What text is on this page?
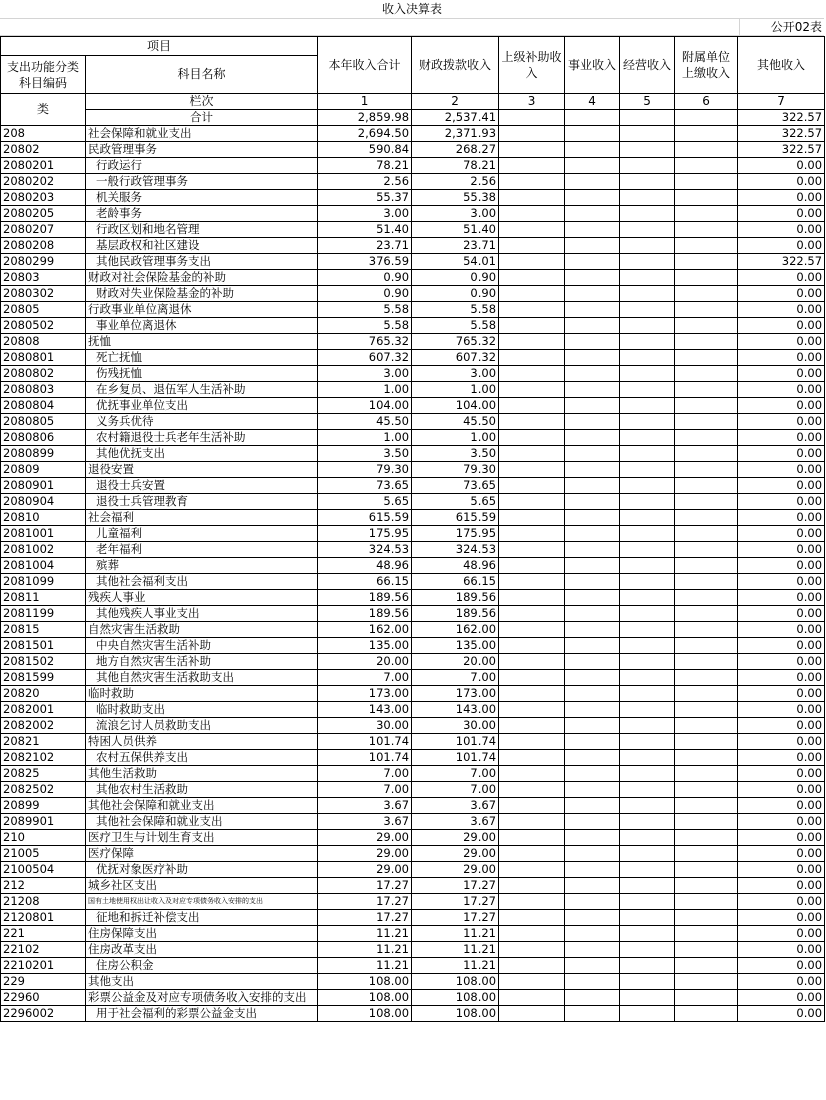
收入决算表
公开02表
项目		本年收入合计	财政拨款收入	上级补助收入	事业收入	经营收入	附属单位上缴收入	其他收入	
支出功能分类科目编码	科目名称								

类	栏次	1	2	3	4	5	6	7	
	合计	2,859.98	2,537.41					322.57	
208	社会保障和就业支出	2,694.50	2,371.93					322.57	
20802	民政管理事务	590.84	268.27					322.57	
2080201	行政运行	78.21	78.21					0.00	
2080202	一般行政管理事务	2.56	2.56					0.00	
2080203	机关服务	55.37	55.38					0.00	
2080205	老龄事务	3.00	3.00					0.00	
2080207	行政区划和地名管理	51.40	51.40					0.00	
2080208	基层政权和社区建设	23.71	23.71					0.00	
2080299	其他民政管理事务支出	376.59	54.01					322.57	
20803	财政对社会保险基金的补助	0.90	0.90					0.00	
2080302	财政对失业保险基金的补助	0.90	0.90					0.00	
20805	行政事业单位离退休	5.58	5.58					0.00	
2080502	事业单位离退休	5.58	5.58					0.00	
20808	抚恤	765.32	765.32					0.00	
2080801	死亡抚恤	607.32	607.32					0.00	
2080802	伤残抚恤	3.00	3.00					0.00	
2080803	在乡复员、退伍军人生活补助	1.00	1.00					0.00	
2080804	优抚事业单位支出	104.00	104.00					0.00	
2080805	义务兵优待	45.50	45.50					0.00	
2080806	农村籍退役士兵老年生活补助	1.00	1.00					0.00	
2080899	其他优抚支出	3.50	3.50					0.00	
20809	退役安置	79.30	79.30					0.00	
2080901	退役士兵安置	73.65	73.65					0.00	
2080904	退役士兵管理教育	5.65	5.65					0.00	
20810	社会福利	615.59	615.59					0.00	
2081001	儿童福利	175.95	175.95					0.00	
2081002	老年福利	324.53	324.53					0.00	
2081004	殡葬	48.96	48.96					0.00	
2081099	其他社会福利支出	66.15	66.15					0.00	
20811	残疾人事业	189.56	189.56					0.00	
2081199	其他残疾人事业支出	189.56	189.56					0.00	
20815	自然灾害生活救助	162.00	162.00					0.00	
2081501	中央自然灾害生活补助	135.00	135.00					0.00	
2081502	地方自然灾害生活补助	20.00	20.00					0.00	
2081599	其他自然灾害生活救助支出	7.00	7.00					0.00	
20820	临时救助	173.00	173.00					0.00	
2082001	临时救助支出	143.00	143.00					0.00	
2082002	流浪乞讨人员救助支出	30.00	30.00					0.00	
20821	特困人员供养	101.74	101.74					0.00	
2082102	农村五保供养支出	101.74	101.74					0.00	
20825	其他生活救助	7.00	7.00					0.00	
2082502	其他农村生活救助	7.00	7.00					0.00	
20899	其他社会保障和就业支出	3.67	3.67					0.00	
2089901	其他社会保障和就业支出	3.67	3.67					0.00	
210	医疗卫生与计划生育支出	29.00	29.00					0.00	
21005	医疗保障	29.00	29.00					0.00	
2100504	优抚对象医疗补助	29.00	29.00					0.00	
212	城乡社区支出	17.27	17.27					0.00	
21208	国有土地使用权出让收入及对应专项债务收入安排的支出	17.27	17.27					0.00	
2120801	征地和拆迁补偿支出	17.27	17.27					0.00	
221	住房保障支出	11.21	11.21					0.00	
22102	住房改革支出	11.21	11.21					0.00	
2210201	住房公积金	11.21	11.21					0.00	
229	其他支出	108.00	108.00					0.00	
22960	彩票公益金及对应专项债务收入安排的支出	108.00	108.00					0.00	
2296002	用于社会福利的彩票公益金支出	108.00	108.00					0.00	
